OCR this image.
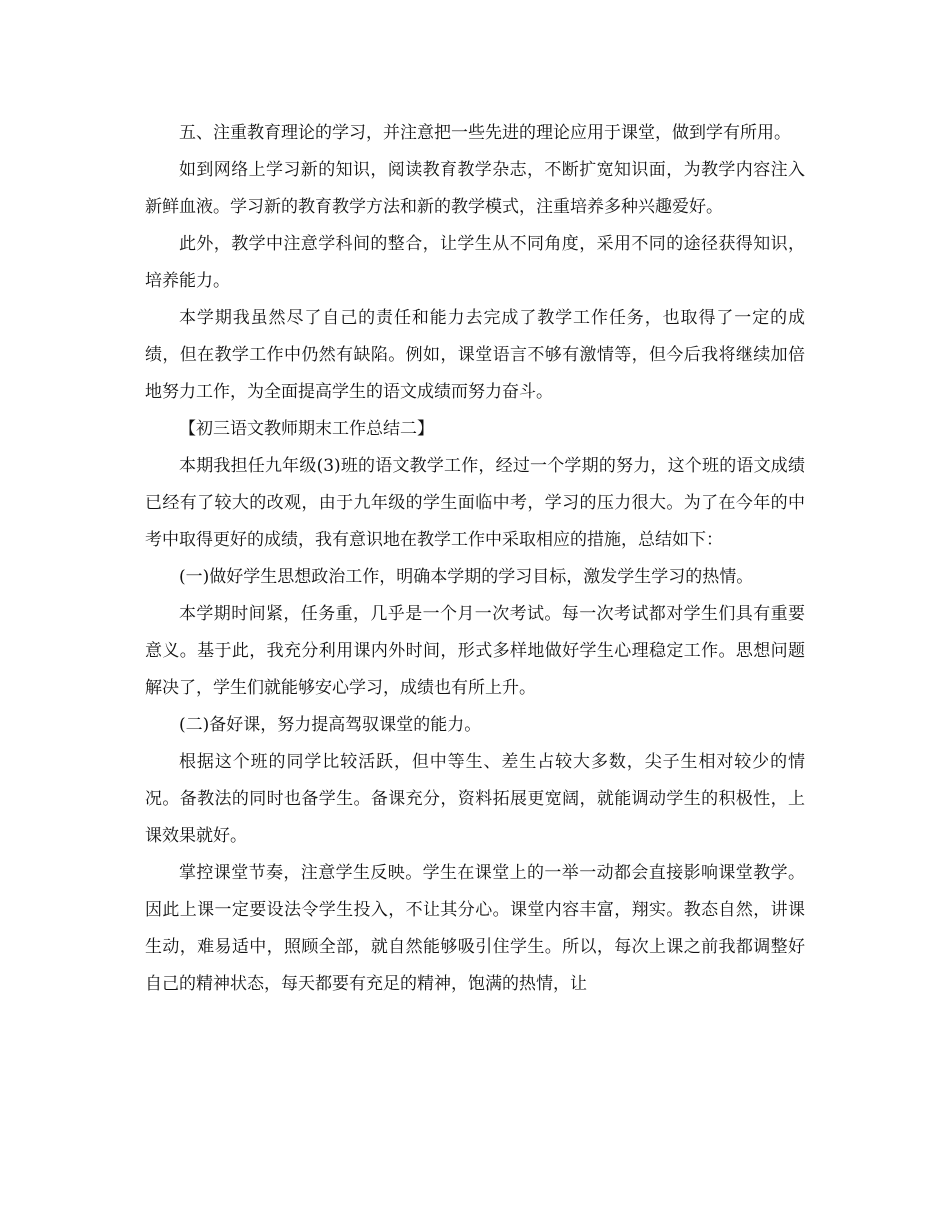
五、注重教育理论的学习，并注意把一些先进的理论应用于课堂，做到学有所用。

如到网络上学习新的知识，阅读教育教学杂志，不断扩宽知识面，为教学内容注入新鲜血液。学习新的教育教学方法和新的教学模式，注重培养多种兴趣爱好。

此外，教学中注意学科间的整合，让学生从不同角度，采用不同的途径获得知识，培养能力。

本学期我虽然尽了自己的责任和能力去完成了教学工作任务，也取得了一定的成绩，但在教学工作中仍然有缺陷。例如，课堂语言不够有激情等，但今后我将继续加倍地努力工作，为全面提高学生的语文成绩而努力奋斗。

【初三语文教师期末工作总结二】

本期我担任九年级(3)班的语文教学工作，经过一个学期的努力，这个班的语文成绩已经有了较大的改观，由于九年级的学生面临中考，学习的压力很大。为了在今年的中考中取得更好的成绩，我有意识地在教学工作中采取相应的措施，总结如下：

(一)做好学生思想政治工作，明确本学期的学习目标，激发学生学习的热情。

本学期时间紧，任务重，几乎是一个月一次考试。每一次考试都对学生们具有重要意义。基于此，我充分利用课内外时间，形式多样地做好学生心理稳定工作。思想问题解决了，学生们就能够安心学习，成绩也有所上升。

(二)备好课，努力提高驾驭课堂的能力。

根据这个班的同学比较活跃，但中等生、差生占较大多数，尖子生相对较少的情况。备教法的同时也备学生。备课充分，资料拓展更宽阔，就能调动学生的积极性，上课效果就好。

掌控课堂节奏，注意学生反映。学生在课堂上的一举一动都会直接影响课堂教学。因此上课一定要设法令学生投入，不让其分心。课堂内容丰富，翔实。教态自然，讲课生动，难易适中，照顾全部，就自然能够吸引住学生。所以，每次上课之前我都调整好自己的精神状态，每天都要有充足的精神，饱满的热情，让
